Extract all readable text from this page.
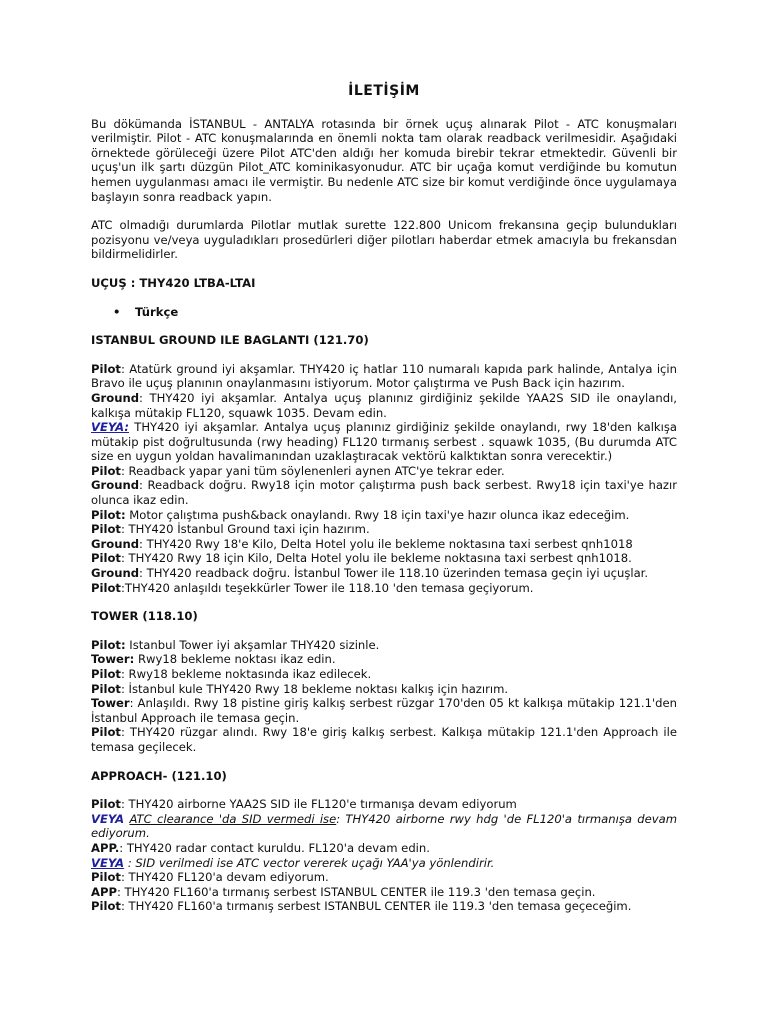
İLETİŞİM

Bu dökümanda İSTANBUL - ANTALYA rotasında bir örnek uçuş alınarak Pilot - ATC konuşmaları verilmiştir. Pilot - ATC konuşmalarında en önemli nokta tam olarak readback verilmesidir. Aşağıdaki örnektede görüleceği üzere Pilot ATC'den aldığı her komuda birebir tekrar etmektedir. Güvenli bir uçuş'un ilk şartı düzgün Pilot_ATC kominikasyonudur. ATC bir uçağa komut verdiğinde bu komutun hemen uygulanması amacı ile vermiştir. Bu nedenle ATC size bir komut verdiğinde önce uygulamaya başlayın sonra readback yapın.

ATC olmadığı durumlarda Pilotlar mutlak surette 122.800 Unicom frekansına geçip bulundukları pozisyonu ve/veya uyguladıkları prosedürleri diğer pilotları haberdar etmek amacıyla bu frekansdan bildirmelidirler.

UÇUŞ : THY420 LTBA-LTAI
•	Türkçe
ISTANBUL GROUND ILE BAGLANTI (121.70)

Pilot: Atatürk ground iyi akşamlar. THY420 iç hatlar 110 numaralı kapıda park halinde, Antalya için Bravo ile uçuş planının onaylanmasını istiyorum. Motor çalıştırma ve Push Back için hazırım.

Ground: THY420 iyi akşamlar. Antalya uçuş planınız girdiğiniz şekilde YAA2S SID ile onaylandı, kalkışa mütakip FL120, squawk 1035. Devam edin.

VEYA: THY420 iyi akşamlar. Antalya uçuş planınız girdiğiniz şekilde onaylandı, rwy 18'den kalkışa mütakip pist doğrultusunda (rwy heading) FL120 tırmanış serbest . squawk 1035, (Bu durumda ATC size en uygun yoldan havalimanından uzaklaştıracak vektörü kalktıktan sonra verecektir.)

Pilot: Readback yapar yani tüm söylenenleri aynen ATC'ye tekrar eder.

Ground: Readback doğru. Rwy18 için motor çalıştırma push back serbest. Rwy18 için taxi'ye hazır olunca ikaz edin.

Pilot: Motor çalıştıma push&back onaylandı. Rwy 18 için taxi'ye hazır olunca ikaz edeceğim.

Pilot: THY420 İstanbul Ground taxi için hazırım.

Ground: THY420 Rwy 18'e Kilo, Delta Hotel yolu ile bekleme noktasına taxi serbest qnh1018

Pilot: THY420 Rwy 18 için Kilo, Delta Hotel yolu ile bekleme noktasına taxi serbest qnh1018.

Ground: THY420 readback doğru. İstanbul Tower ile 118.10 üzerinden temasa geçin iyi uçuşlar.

Pilot:THY420 anlaşıldı teşekkürler Tower ile 118.10 'den temasa geçiyorum.

TOWER (118.10)

Pilot: Istanbul Tower iyi akşamlar THY420 sizinle.

Tower: Rwy18 bekleme noktası ikaz edin.

Pilot: Rwy18 bekleme noktasında ikaz edilecek.

Pilot: İstanbul kule THY420 Rwy 18 bekleme noktası kalkış için hazırım.

Tower: Anlaşıldı. Rwy 18 pistine giriş kalkış serbest rüzgar 170'den 05 kt kalkışa mütakip 121.1'den İstanbul Approach ile temasa geçin.

Pilot: THY420 rüzgar alındı. Rwy 18'e giriş kalkış serbest. Kalkışa mütakip 121.1'den Approach ile temasa geçilecek.

APPROACH- (121.10)

Pilot: THY420 airborne YAA2S SID ile FL120'e tırmanışa devam ediyorum

VEYA ATC clearance 'da SID vermedi ise: THY420 airborne rwy hdg 'de FL120'a tırmanışa devam ediyorum.

APP.: THY420 radar contact kuruldu. FL120'a devam edin.

VEYA : SID verilmedi ise ATC vector vererek uçağı YAA'ya yönlendirir.

Pilot: THY420 FL120'a devam ediyorum.

APP: THY420 FL160'a tırmanış serbest ISTANBUL CENTER ile 119.3 'den temasa geçin.

Pilot: THY420 FL160'a tırmanış serbest ISTANBUL CENTER ile 119.3 'den temasa geçeceğim.
